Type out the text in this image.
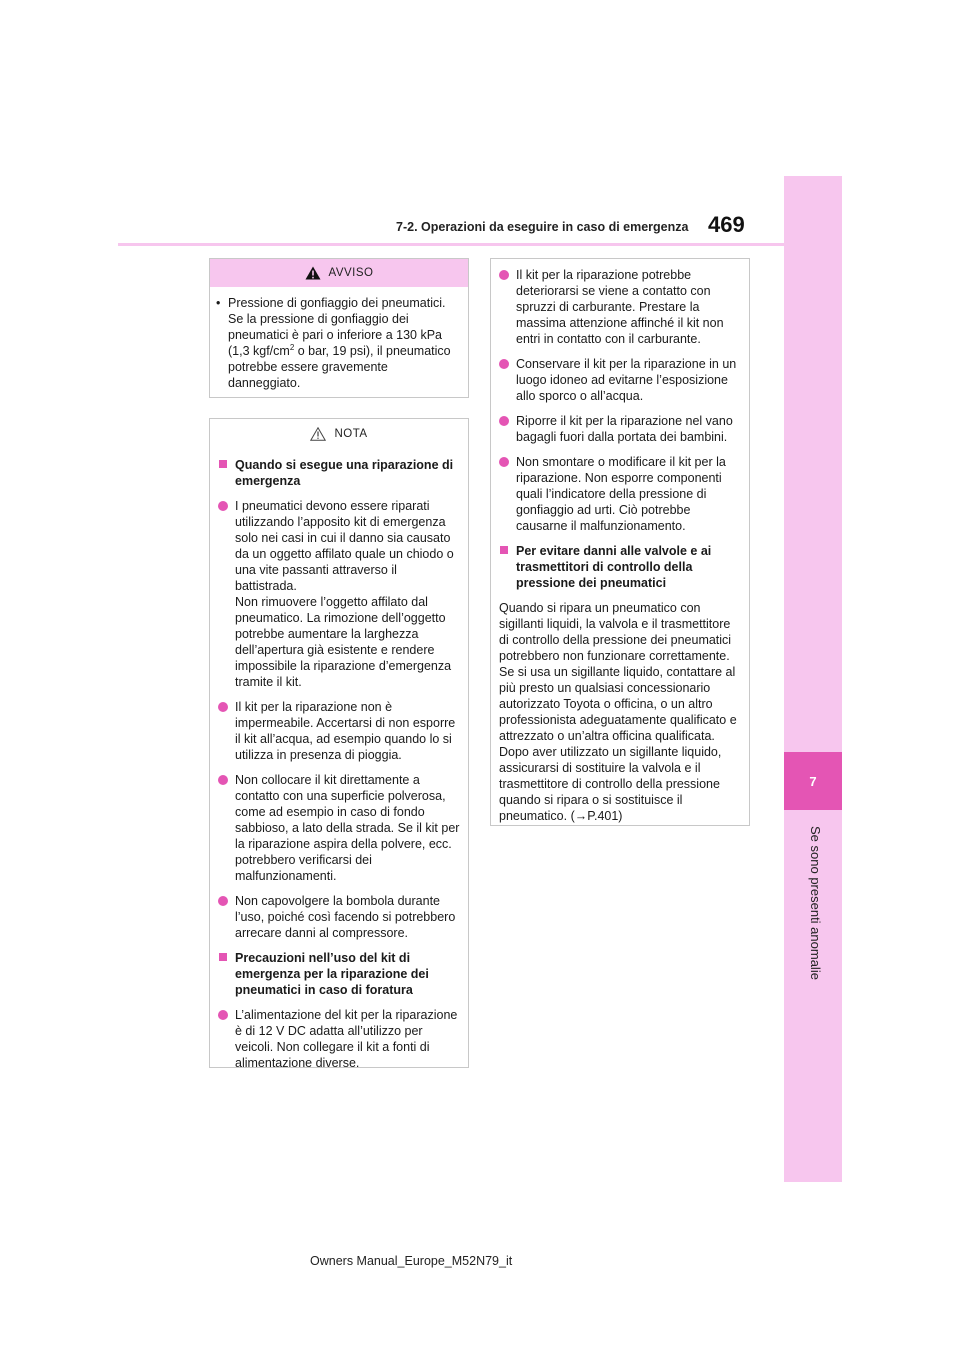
7
Se sono presenti anomalie
7-2. Operazioni da eseguire in caso di emergenza 469
AVVISO
• Pressione di gonfiaggio dei pneumatici. Se la pressione di gonfiaggio dei pneumatici è pari o inferiore a 130 kPa (1,3 kgf/$cm^2$ o bar, 19 psi), il pneumatico potrebbe essere gravemente danneggiato.
NOTA
Quando si esegue una riparazione di emergenza
I pneumatici devono essere riparati utilizzando l’apposito kit di emergenza solo nei casi in cui il danno sia causato da un oggetto affilato quale un chiodo o una vite passanti attraverso il battistrada.
Non rimuovere l’oggetto affilato dal pneumatico. La rimozione dell’oggetto potrebbe aumentare la larghezza dell’apertura già esistente e rendere impossibile la riparazione d’emergenza tramite il kit.
Il kit per la riparazione non è impermeabile. Accertarsi di non esporre il kit all’acqua, ad esempio quando lo si utilizza in presenza di pioggia.
Non collocare il kit direttamente a contatto con una superficie polverosa, come ad esempio in caso di fondo sabbioso, a lato della strada. Se il kit per la riparazione aspira della polvere, ecc. potrebbero verificarsi dei malfunzionamenti.
Non capovolgere la bombola durante l’uso, poiché così facendo si potrebbero arrecare danni al compressore.
Precauzioni nell’uso del kit di emergenza per la riparazione dei pneumatici in caso di foratura
L’alimentazione del kit per la riparazione è di 12 V DC adatta all’utilizzo per veicoli. Non collegare il kit a fonti di alimentazione diverse.
Il kit per la riparazione potrebbe deteriorarsi se viene a contatto con spruzzi di carburante. Prestare la massima attenzione affinché il kit non entri in contatto con il carburante.
Conservare il kit per la riparazione in un luogo idoneo ad evitarne l’esposizione allo sporco o all’acqua.
Riporre il kit per la riparazione nel vano bagagli fuori dalla portata dei bambini.
Non smontare o modificare il kit per la riparazione. Non esporre componenti quali l’indicatore della pressione di gonfiaggio ad urti. Ciò potrebbe causarne il malfunzionamento.
Per evitare danni alle valvole e ai trasmettitori di controllo della pressione dei pneumatici
Quando si ripara un pneumatico con sigillanti liquidi, la valvola e il trasmettitore di controllo della pressione dei pneumatici potrebbero non funzionare correttamente. Se si usa un sigillante liquido, contattare al più presto un qualsiasi concessionario autorizzato Toyota o officina, o un altro professionista adeguatamente qualificato e attrezzato o un’altra officina qualificata. Dopo aver utilizzato un sigillante liquido, assicurarsi di sostituire la valvola e il trasmettitore di controllo della pressione quando si ripara o si sostituisce il pneumatico. (→P.401)
Owners Manual_Europe_M52N79_it
